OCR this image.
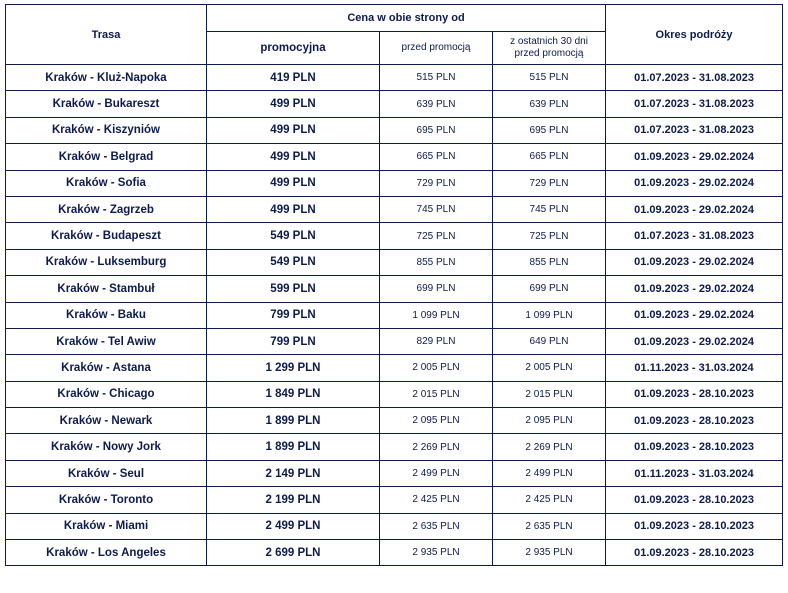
Trasa	Cena w obie strony od			Okres podróży
	promocyjna	przed promocją	z ostatnich 30 dni przed promocją	
Kraków - Kluż-Napoka	419 PLN	515 PLN	515 PLN	01.07.2023 - 31.08.2023
Kraków - Bukareszt	499 PLN	639 PLN	639 PLN	01.07.2023 - 31.08.2023
Kraków - Kiszyniów	499 PLN	695 PLN	695 PLN	01.07.2023 - 31.08.2023
Kraków - Belgrad	499 PLN	665 PLN	665 PLN	01.09.2023 - 29.02.2024
Kraków - Sofia	499 PLN	729 PLN	729 PLN	01.09.2023 - 29.02.2024
Kraków - Zagrzeb	499 PLN	745 PLN	745 PLN	01.09.2023 - 29.02.2024
Kraków - Budapeszt	549 PLN	725 PLN	725 PLN	01.07.2023 - 31.08.2023
Kraków - Luksemburg	549 PLN	855 PLN	855 PLN	01.09.2023 - 29.02.2024
Kraków - Stambuł	599 PLN	699 PLN	699 PLN	01.09.2023 - 29.02.2024
Kraków - Baku	799 PLN	1 099 PLN	1 099 PLN	01.09.2023 - 29.02.2024
Kraków - Tel Awiw	799 PLN	829 PLN	649 PLN	01.09.2023 - 29.02.2024
Kraków - Astana	1 299 PLN	2 005 PLN	2 005 PLN	01.11.2023 - 31.03.2024
Kraków - Chicago	1 849 PLN	2 015 PLN	2 015 PLN	01.09.2023 - 28.10.2023
Kraków - Newark	1 899 PLN	2 095 PLN	2 095 PLN	01.09.2023 - 28.10.2023
Kraków - Nowy Jork	1 899 PLN	2 269 PLN	2 269 PLN	01.09.2023 - 28.10.2023
Kraków - Seul	2 149 PLN	2 499 PLN	2 499 PLN	01.11.2023 - 31.03.2024
Kraków - Toronto	2 199 PLN	2 425 PLN	2 425 PLN	01.09.2023 - 28.10.2023
Kraków - Miami	2 499 PLN	2 635 PLN	2 635 PLN	01.09.2023 - 28.10.2023
Kraków - Los Angeles	2 699 PLN	2 935 PLN	2 935 PLN	01.09.2023 - 28.10.2023
